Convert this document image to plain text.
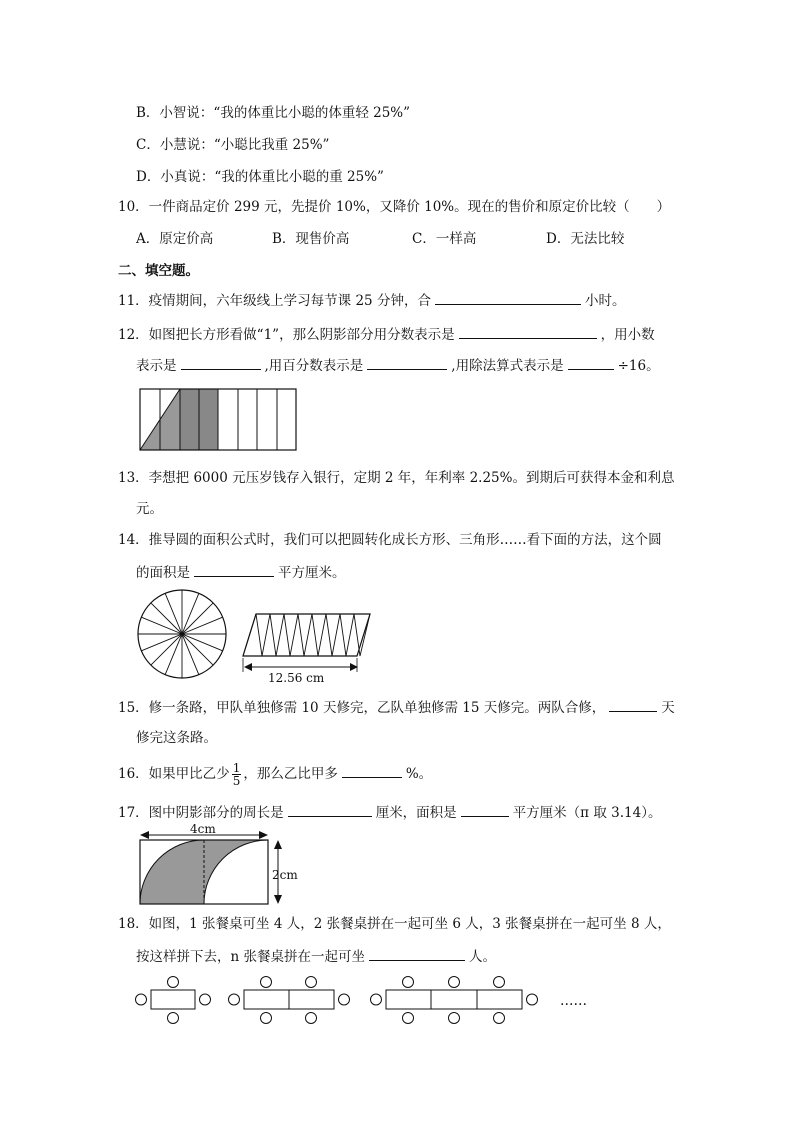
B．小智说：“我的体重比小聪的体重轻 25%”
C．小慧说：“小聪比我重 25%”
D．小真说：“我的体重比小聪的重 25%”
10．一件商品定价 299 元，先提价 10%，又降价 10%。现在的售价和原定价比较（　　）
A．原定价高	B．现售价高	C．一样高	D．无法比较
二、填空题。
11．疫情期间，六年级线上学习每节课 25 分钟，合	小时。
12．如图把长方形看做“1”，那么阴影部分用分数表示是	，用小数
表示是	,用百分数表示是	,用除法算式表示是	÷16。
13．李想把 6000 元压岁钱存入银行，定期 2 年，年利率 2.25%。到期后可获得本金和利息
元。
14．推导圆的面积公式时，我们可以把圆转化成长方形、三角形……看下面的方法，这个圆
的面积是	平方厘米。
12.56 cm
15．修一条路，甲队单独修需 10 天修完，乙队单独修需 15 天修完。两队合修，	天
修完这条路。
16．如果甲比乙少 $\frac{1}{5}$ ，那么乙比甲多	%。
17．图中阴影部分的周长是	厘米，面积是	平方厘米（π 取 3.14）。
4cm
2cm
18．如图，1 张餐桌可坐 4 人，2 张餐桌拼在一起可坐 6 人，3 张餐桌拼在一起可坐 8 人，
按这样拼下去，n 张餐桌拼在一起可坐	人。
……
